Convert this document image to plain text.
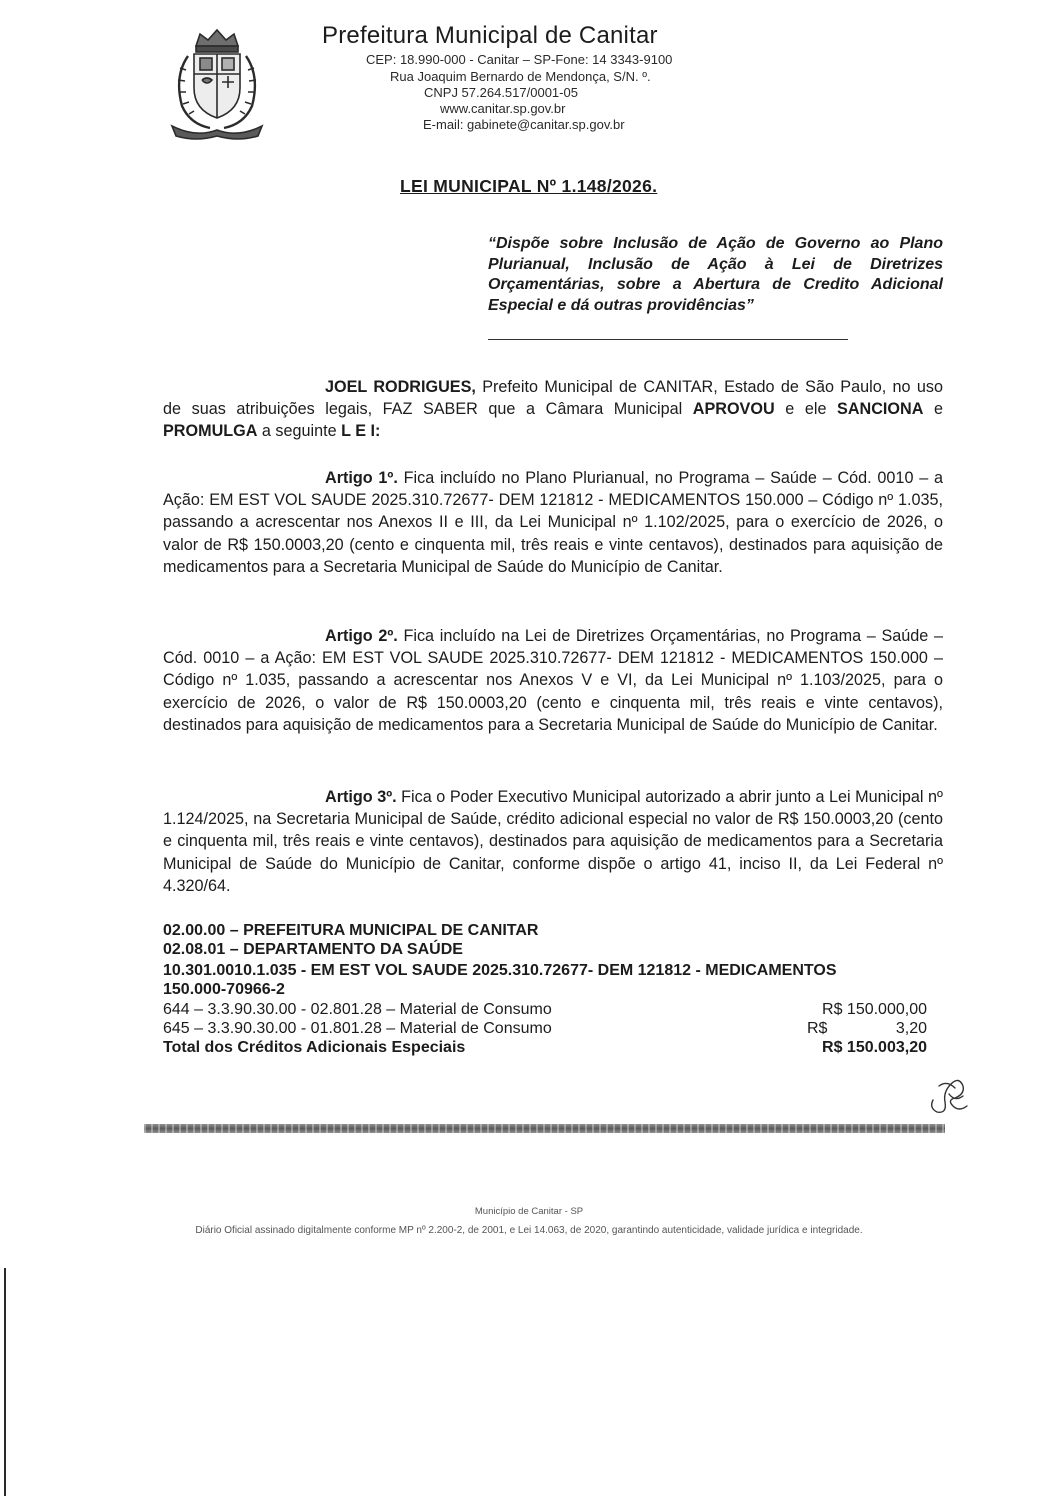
Prefeitura Municipal de Canitar
CEP: 18.990-000 - Canitar – SP-Fone: 14 3343-9100
Rua Joaquim Bernardo de Mendonça, S/N. º.
CNPJ 57.264.517/0001-05
www.canitar.sp.gov.br
E-mail: gabinete@canitar.sp.gov.br
LEI MUNICIPAL Nº 1.148/2026.
“Dispõe sobre Inclusão de Ação de Governo ao Plano Plurianual, Inclusão de Ação à Lei de Diretrizes Orçamentárias, sobre a Abertura de Credito Adicional Especial e dá outras providências”
JOEL RODRIGUES, Prefeito Municipal de CANITAR, Estado de São Paulo, no uso de suas atribuições legais, FAZ SABER que a Câmara Municipal APROVOU e ele SANCIONA e PROMULGA a seguinte L E I:
Artigo 1º. Fica incluído no Plano Plurianual, no Programa – Saúde – Cód. 0010 – a Ação: EM EST VOL SAUDE 2025.310.72677- DEM 121812 - MEDICAMENTOS 150.000 – Código nº 1.035, passando a acrescentar nos Anexos II e III, da Lei Municipal nº 1.102/2025, para o exercício de 2026, o valor de R$ 150.0003,20 (cento e cinquenta mil, três reais e vinte centavos), destinados para aquisição de medicamentos para a Secretaria Municipal de Saúde do Município de Canitar.
Artigo 2º. Fica incluído na Lei de Diretrizes Orçamentárias, no Programa – Saúde – Cód. 0010 – a Ação: EM EST VOL SAUDE 2025.310.72677- DEM 121812 - MEDICAMENTOS 150.000 – Código nº 1.035, passando a acrescentar nos Anexos V e VI, da Lei Municipal nº 1.103/2025, para o exercício de 2026, o valor de R$ 150.0003,20 (cento e cinquenta mil, três reais e vinte centavos), destinados para aquisição de medicamentos para a Secretaria Municipal de Saúde do Município de Canitar.
Artigo 3º. Fica o Poder Executivo Municipal autorizado a abrir junto a Lei Municipal nº 1.124/2025, na Secretaria Municipal de Saúde, crédito adicional especial no valor de R$ 150.0003,20 (cento e cinquenta mil, três reais e vinte centavos), destinados para aquisição de medicamentos para a Secretaria Municipal de Saúde do Município de Canitar, conforme dispõe o artigo 41, inciso II, da Lei Federal nº 4.320/64.
02.00.00 – PREFEITURA MUNICIPAL DE CANITAR
02.08.01 – DEPARTAMENTO DA SAÚDE
10.301.0010.1.035 - EM EST VOL SAUDE 2025.310.72677- DEM 121812 - MEDICAMENTOS
150.000-70966-2
644 – 3.3.90.30.00 - 02.801.28 – Material de Consumo	R$ 150.000,00
645 – 3.3.90.30.00 - 01.801.28 – Material de Consumo	R$	3,20
Total dos Créditos Adicionais Especiais	R$ 150.003,20
Município de Canitar - SP
Diário Oficial assinado digitalmente conforme MP nº 2.200-2, de 2001, e Lei 14.063, de 2020, garantindo autenticidade, validade jurídica e integridade.
